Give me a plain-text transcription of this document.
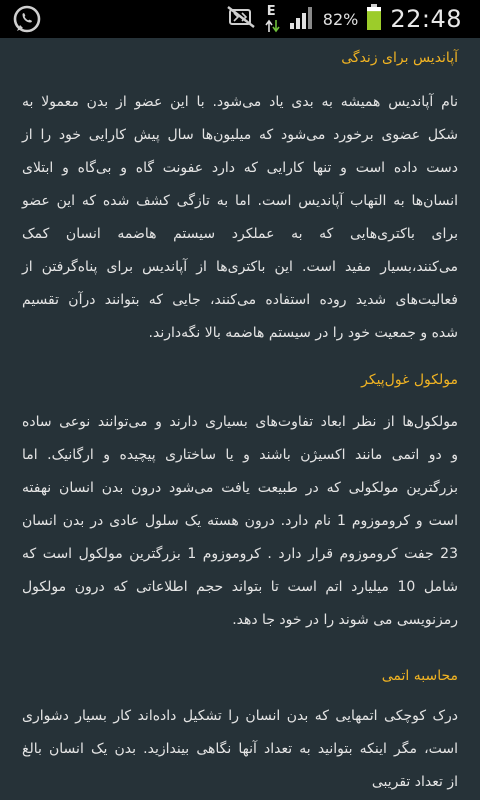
E	82% 22:48
آپاندیس برای زندگی
نام آپاندیس همیشه به بدی یاد می‌شود. با این عضو از بدن معمولا به
شکل عضوی برخورد می‌شود که میلیون‌ها سال پیش کارایی خود را از
دست داده است و تنها کارایی که دارد عفونت گاه و بی‌گاه و ابتلای
انسان‌ها به التهاب آپاندیس است. اما به تازگی کشف شده که این عضو
برای باکتری‌هایی که به عملکرد سیستم هاضمه انسان کمک
می‌کنند،بسیار مفید است. این باکتری‌ها از آپاندیس برای پناه‌گرفتن از
فعالیت‌های شدید روده استفاده می‌کنند، جایی که بتوانند درآن تقسیم
شده و جمعیت خود را در سیستم هاضمه بالا نگه‌دارند.
مولکول غول‌پیکر
مولکول‌ها از نظر ابعاد تفاوت‌های بسیاری دارند و می‌توانند نوعی ساده
و دو اتمی مانند اکسیژن باشند و یا ساختاری پیچیده و ارگانیک. اما
بزرگترین مولکولی که در طبیعت یافت می‌شود درون بدن انسان نهفته
است و کروموزوم 1 نام دارد. درون هسته یک سلول عادی در بدن انسان
23 جفت کروموزوم قرار دارد . کروموزوم 1 بزرگترین مولکول است که
شامل 10 میلیارد اتم است تا بتواند حجم اطلاعاتی که درون مولکول
رمزنویسی می شوند را در خود جا دهد.
محاسبه اتمی
درک کوچکی اتمهایی که بدن انسان را تشکیل داده‌اند کار بسیار دشواری
است، مگر اینکه بتوانید به تعداد آنها نگاهی بیندازید. بدن یک انسان بالغ
از تعداد تقریبی
